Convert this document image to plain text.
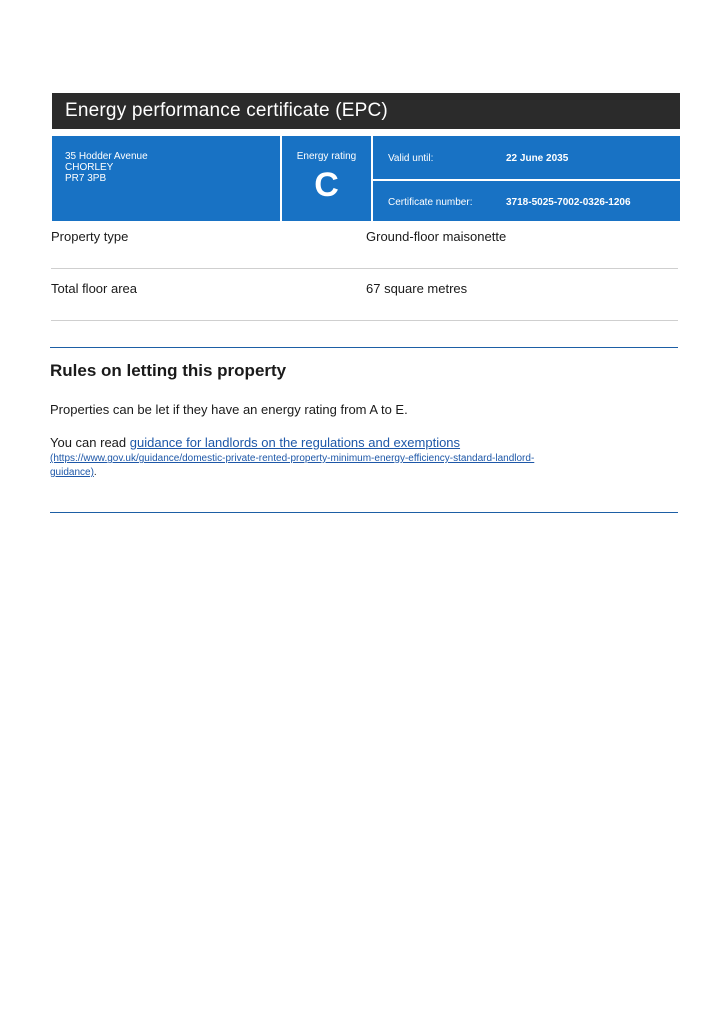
Energy performance certificate (EPC)
35 Hodder Avenue
CHORLEY
PR7 3PB
Energy rating
C
Valid until:	22 June 2035
Certificate number:	3718-5025-7002-0326-1206
Property type	Ground-floor maisonette
Total floor area	67 square metres
Rules on letting this property

Properties can be let if they have an energy rating from A to E.

You can read guidance for landlords on the regulations and exemptions

(https://www.gov.uk/guidance/domestic-private-rented-property-minimum-energy-efficiency-standard-landlord-
guidance).
